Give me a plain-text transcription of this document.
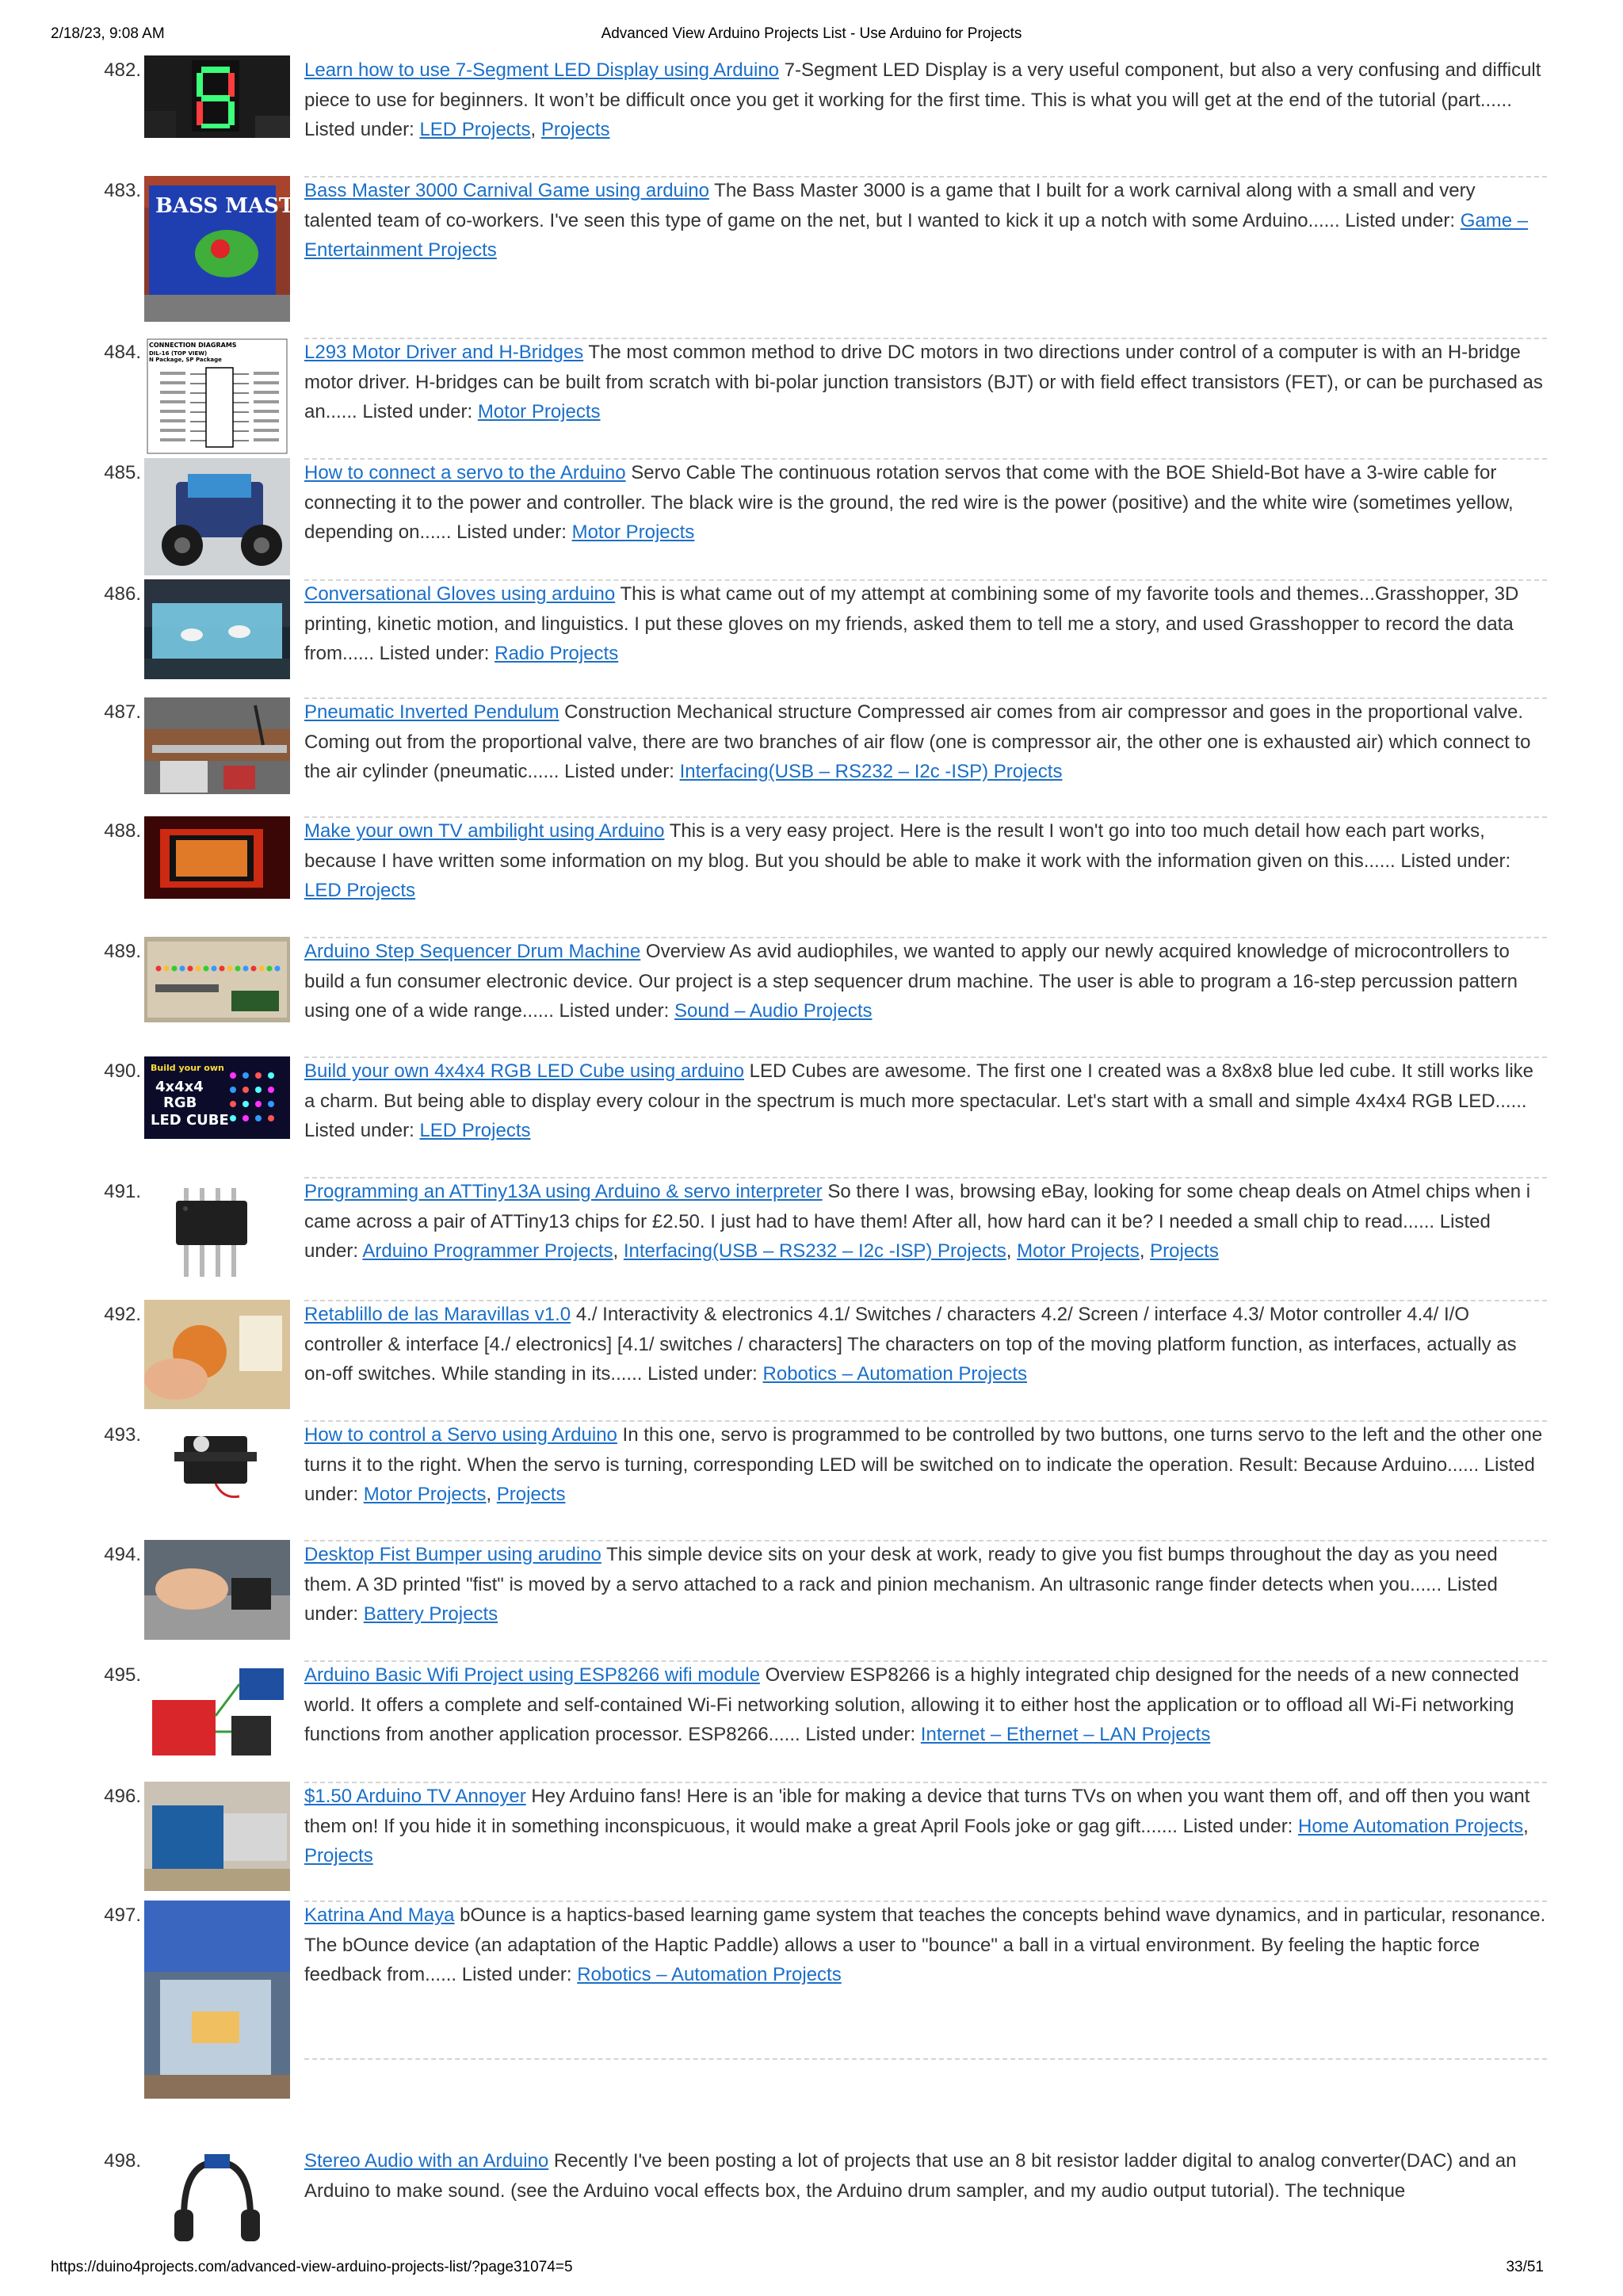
2/18/23, 9:08 AM	Advanced View Arduino Projects List - Use Arduino for Projects
482.	Learn how to use 7-Segment LED Display using Arduino 7-Segment LED Display is a very useful component, but also a very confusing and difficult piece to use for beginners. It won’t be difficult once you get it working for the first time. This is what you will get at the end of the tutorial (part...... Listed under: LED Projects, Projects
483.
BASS MASTER
Bass Master 3000 Carnival Game using arduino The Bass Master 3000 is a game that I built for a work carnival along with a small and very talented team of co-workers. I've seen this type of game on the net, but I wanted to kick it up a notch with some Arduino...... Listed under: Game – Entertainment Projects
484. CONNECTION DIAGRAMS
DIL-16 (TOP VIEW)
N Package, SP Package	L293 Motor Driver and H-Bridges The most common method to drive DC motors in two directions under control of a computer is with an H-bridge motor driver. H-bridges can be built from scratch with bi-polar junction transistors (BJT) or with field effect transistors (FET), or can be purchased as an...... Listed under: Motor Projects
485.	How to connect a servo to the Arduino Servo Cable The continuous rotation servos that come with the BOE Shield-Bot have a 3-wire cable for connecting it to the power and controller. The black wire is the ground, the red wire is the power (positive) and the white wire (sometimes yellow, depending on...... Listed under: Motor Projects
486.	Conversational Gloves using arduino This is what came out of my attempt at combining some of my favorite tools and themes...Grasshopper, 3D printing, kinetic motion, and linguistics. I put these gloves on my friends, asked them to tell me a story, and used Grasshopper to record the data from...... Listed under: Radio Projects
487.	Pneumatic Inverted Pendulum Construction Mechanical structure Compressed air comes from air compressor and goes in the proportional valve. Coming out from the proportional valve, there are two branches of air flow (one is compressor air, the other one is exhausted air) which connect to the air cylinder (pneumatic...... Listed under: Interfacing(USB – RS232 – I2c -ISP) Projects
488.	Make your own TV ambilight using Arduino This is a very easy project. Here is the result I won't go into too much detail how each part works, because I have written some information on my blog. But you should be able to make it work with the information given on this...... Listed under: LED Projects
489.	Arduino Step Sequencer Drum Machine Overview As avid audiophiles, we wanted to apply our newly acquired knowledge of microcontrollers to build a fun consumer electronic device. Our project is a step sequencer drum machine. The user is able to program a 16-step percussion pattern using one of a wide range...... Listed under: Sound – Audio Projects
490. Build your own
4x4x4
RGB
LED CUBE
Build your own 4x4x4 RGB LED Cube using arduino LED Cubes are awesome. The first one I created was a 8x8x8 blue led cube. It still works like a charm. But being able to display every colour in the spectrum is much more spectacular. Let's start with a small and simple 4x4x4 RGB LED...... Listed under: LED Projects
491.	Programming an ATTiny13A using Arduino & servo interpreter So there I was, browsing eBay, looking for some cheap deals on Atmel chips when i came across a pair of ATTiny13 chips for £2.50. I just had to have them! After all, how hard can it be? I needed a small chip to read...... Listed under: Arduino Programmer Projects, Interfacing(USB – RS232 – I2c -ISP) Projects, Motor Projects, Projects
492.	Retablillo de las Maravillas v1.0 4./ Interactivity & electronics 4.1/ Switches / characters 4.2/ Screen / interface 4.3/ Motor controller 4.4/ I/O controller & interface [4./ electronics] [4.1/ switches / characters] The characters on top of the moving platform function, as interfaces, actually as on-off switches. While standing in its...... Listed under: Robotics – Automation Projects
493.	How to control a Servo using Arduino In this one, servo is programmed to be controlled by two buttons, one turns servo to the left and the other one turns it to the right. When the servo is turning, corresponding LED will be switched on to indicate the operation. Result: Because Arduino...... Listed under: Motor Projects, Projects
494.	Desktop Fist Bumper using arudino This simple device sits on your desk at work, ready to give you fist bumps throughout the day as you need them. A 3D printed "fist" is moved by a servo attached to a rack and pinion mechanism. An ultrasonic range finder detects when you...... Listed under: Battery Projects
495.	Arduino Basic Wifi Project using ESP8266 wifi module Overview ESP8266 is a highly integrated chip designed for the needs of a new connected world. It offers a complete and self-contained Wi-Fi networking solution, allowing it to either host the application or to offload all Wi-Fi networking functions from another application processor. ESP8266...... Listed under: Internet – Ethernet – LAN Projects
496.	$1.50 Arduino TV Annoyer Hey Arduino fans! Here is an 'ible for making a device that turns TVs on when you want them off, and off then you want them on! If you hide it in something inconspicuous, it would make a great April Fools joke or gag gift....... Listed under: Home Automation Projects, Projects
497.	Katrina And Maya bOunce is a haptics-based learning game system that teaches the concepts behind wave dynamics, and in particular, resonance. The bOunce device (an adaptation of the Haptic Paddle) allows a user to "bounce" a ball in a virtual environment. By feeling the haptic force feedback from...... Listed under: Robotics – Automation Projects
498.	Stereo Audio with an Arduino Recently I've been posting a lot of projects that use an 8 bit resistor ladder digital to analog converter(DAC) and an Arduino to make sound. (see the Arduino vocal effects box, the Arduino drum sampler, and my audio output tutorial). The technique
https://duino4projects.com/advanced-view-arduino-projects-list/?page31074=5	33/51
